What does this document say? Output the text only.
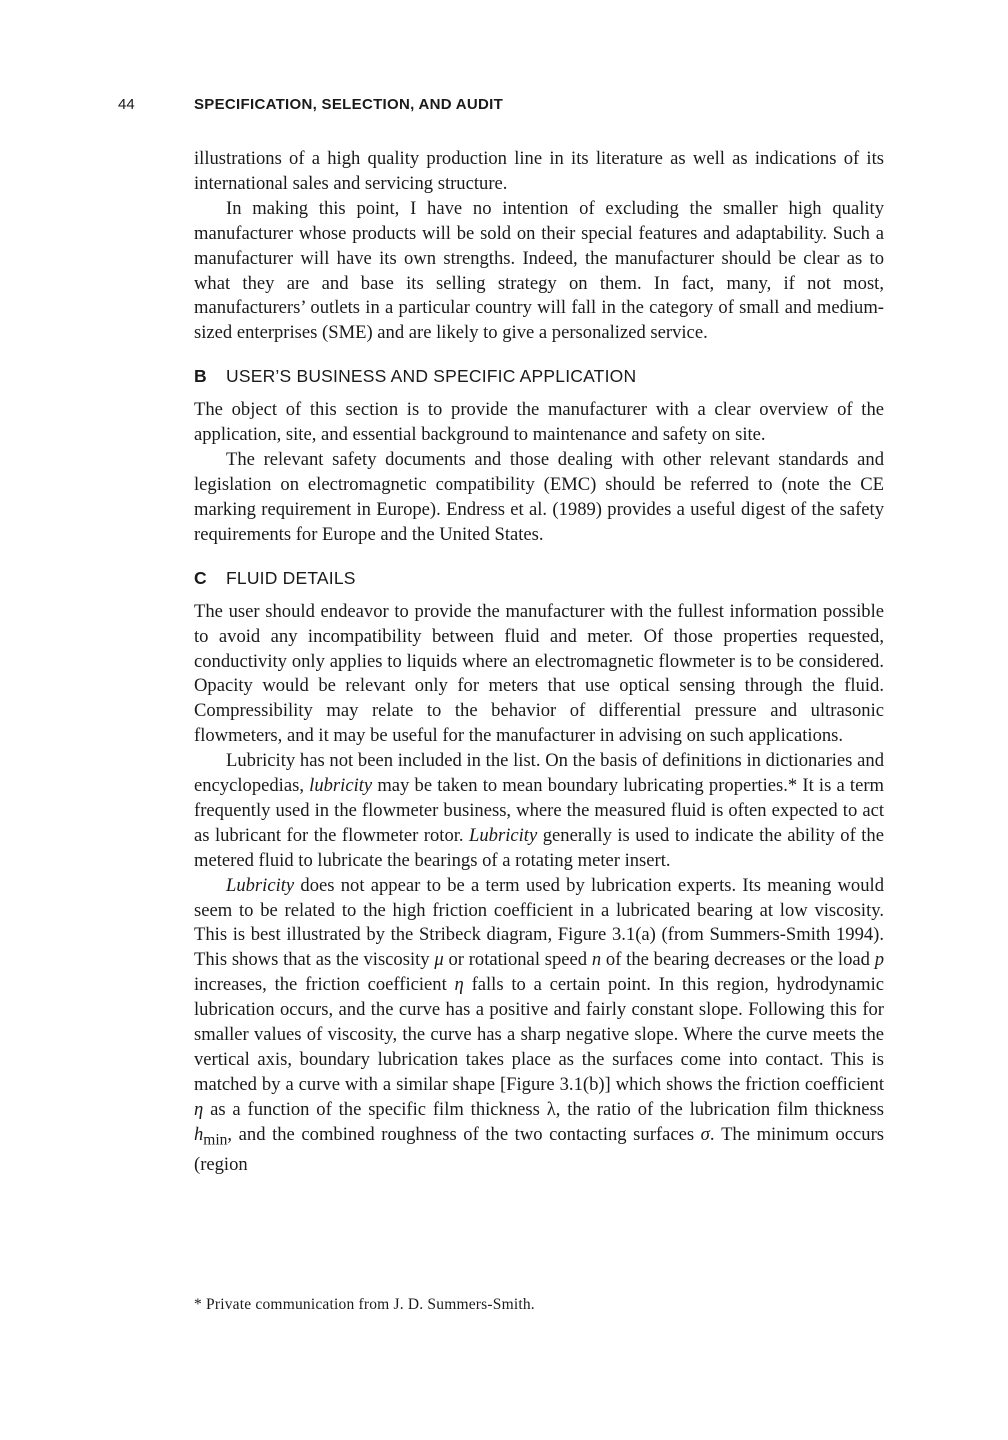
44	SPECIFICATION, SELECTION, AND AUDIT

illustrations of a high quality production line in its literature as well as indications of its international sales and servicing structure.

In making this point, I have no intention of excluding the smaller high quality manufacturer whose products will be sold on their special features and adaptability. Such a manufacturer will have its own strengths. Indeed, the manufacturer should be clear as to what they are and base its selling strategy on them. In fact, many, if not most, manufacturers’ outlets in a particular country will fall in the category of small and medium-sized enterprises (SME) and are likely to give a personalized service.

B USER’S BUSINESS AND SPECIFIC APPLICATION

The object of this section is to provide the manufacturer with a clear overview of the application, site, and essential background to maintenance and safety on site.

The relevant safety documents and those dealing with other relevant standards and legislation on electromagnetic compatibility (EMC) should be referred to (note the CE marking requirement in Europe). Endress et al. (1989) provides a useful digest of the safety requirements for Europe and the United States.

C FLUID DETAILS

The user should endeavor to provide the manufacturer with the fullest information possible to avoid any incompatibility between fluid and meter. Of those properties requested, conductivity only applies to liquids where an electromagnetic flowmeter is to be considered. Opacity would be relevant only for meters that use optical sensing through the fluid. Compressibility may relate to the behavior of differential pressure and ultrasonic flowmeters, and it may be useful for the manufacturer in advising on such applications.

Lubricity has not been included in the list. On the basis of definitions in dictionaries and encyclopedias, lubricity may be taken to mean boundary lubricating properties.* It is a term frequently used in the flowmeter business, where the measured fluid is often expected to act as lubricant for the flowmeter rotor. Lubricity generally is used to indicate the ability of the metered fluid to lubricate the bearings of a rotating meter insert.

Lubricity does not appear to be a term used by lubrication experts. Its meaning would seem to be related to the high friction coefficient in a lubricated bearing at low viscosity. This is best illustrated by the Stribeck diagram, Figure 3.1(a) (from Summers-Smith 1994). This shows that as the viscosity μ or rotational speed n of the bearing decreases or the load p increases, the friction coefficient η falls to a certain point. In this region, hydrodynamic lubrication occurs, and the curve has a positive and fairly constant slope. Following this for smaller values of viscosity, the curve has a sharp negative slope. Where the curve meets the vertical axis, boundary lubrication takes place as the surfaces come into contact. This is matched by a curve with a similar shape [Figure 3.1(b)] which shows the friction coefficient η as a function of the specific film thickness λ, the ratio of the lubrication film thickness $h_{min}$, and the combined roughness of the two contacting surfaces σ. The minimum occurs (region

* Private communication from J. D. Summers-Smith.
